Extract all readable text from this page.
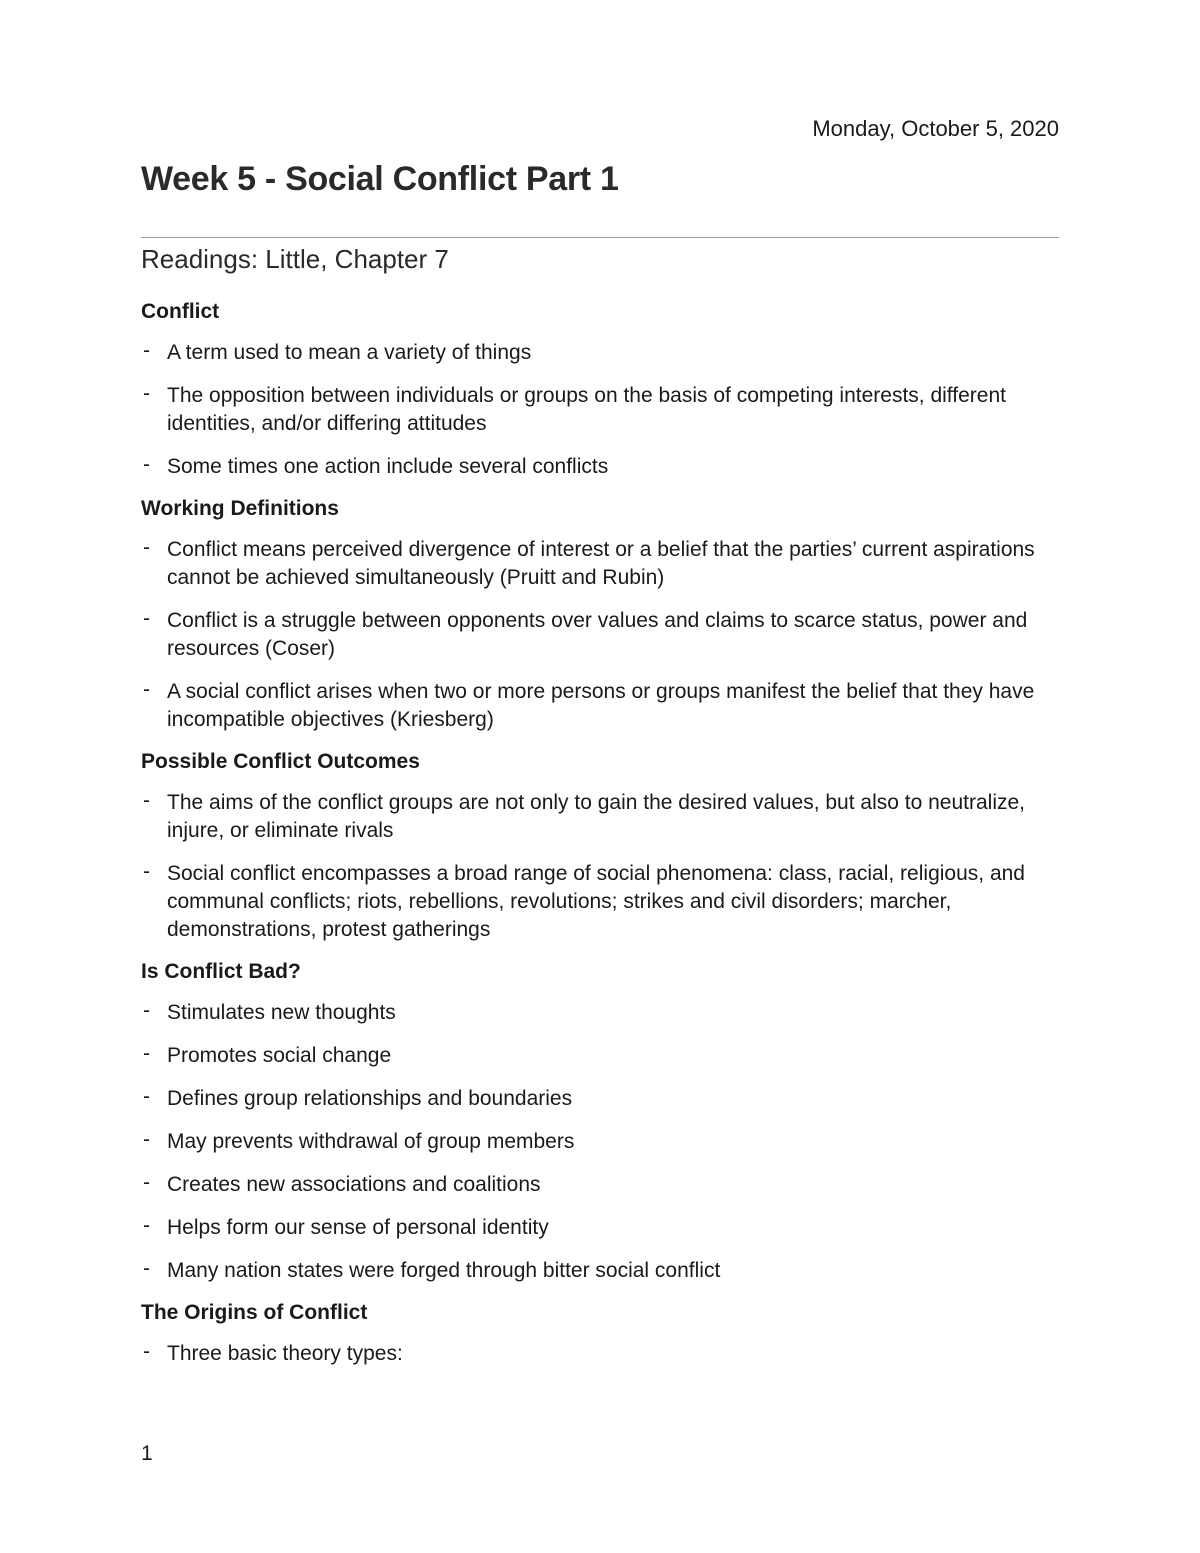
Monday, October 5, 2020
Week 5 - Social Conflict Part 1
Readings: Little, Chapter 7
Conflict
- A term used to mean a variety of things
- The opposition between individuals or groups on the basis of competing interests, different identities, and/or differing attitudes
- Some times one action include several conflicts
Working Definitions
- Conflict means perceived divergence of interest or a belief that the parties’ current aspirations cannot be achieved simultaneously (Pruitt and Rubin)
- Conflict is a struggle between opponents over values and claims to scarce status, power and resources (Coser)
- A social conflict arises when two or more persons or groups manifest the belief that they have incompatible objectives (Kriesberg)
Possible Conflict Outcomes
- The aims of the conflict groups are not only to gain the desired values, but also to neutralize, injure, or eliminate rivals
- Social conflict encompasses a broad range of social phenomena: class, racial, religious, and communal conflicts; riots, rebellions, revolutions; strikes and civil disorders; marcher, demonstrations, protest gatherings
Is Conflict Bad?
- Stimulates new thoughts
- Promotes social change
- Defines group relationships and boundaries
- May prevents withdrawal of group members
- Creates new associations and coalitions
- Helps form our sense of personal identity
- Many nation states were forged through bitter social conflict
The Origins of Conflict
- Three basic theory types:
1
